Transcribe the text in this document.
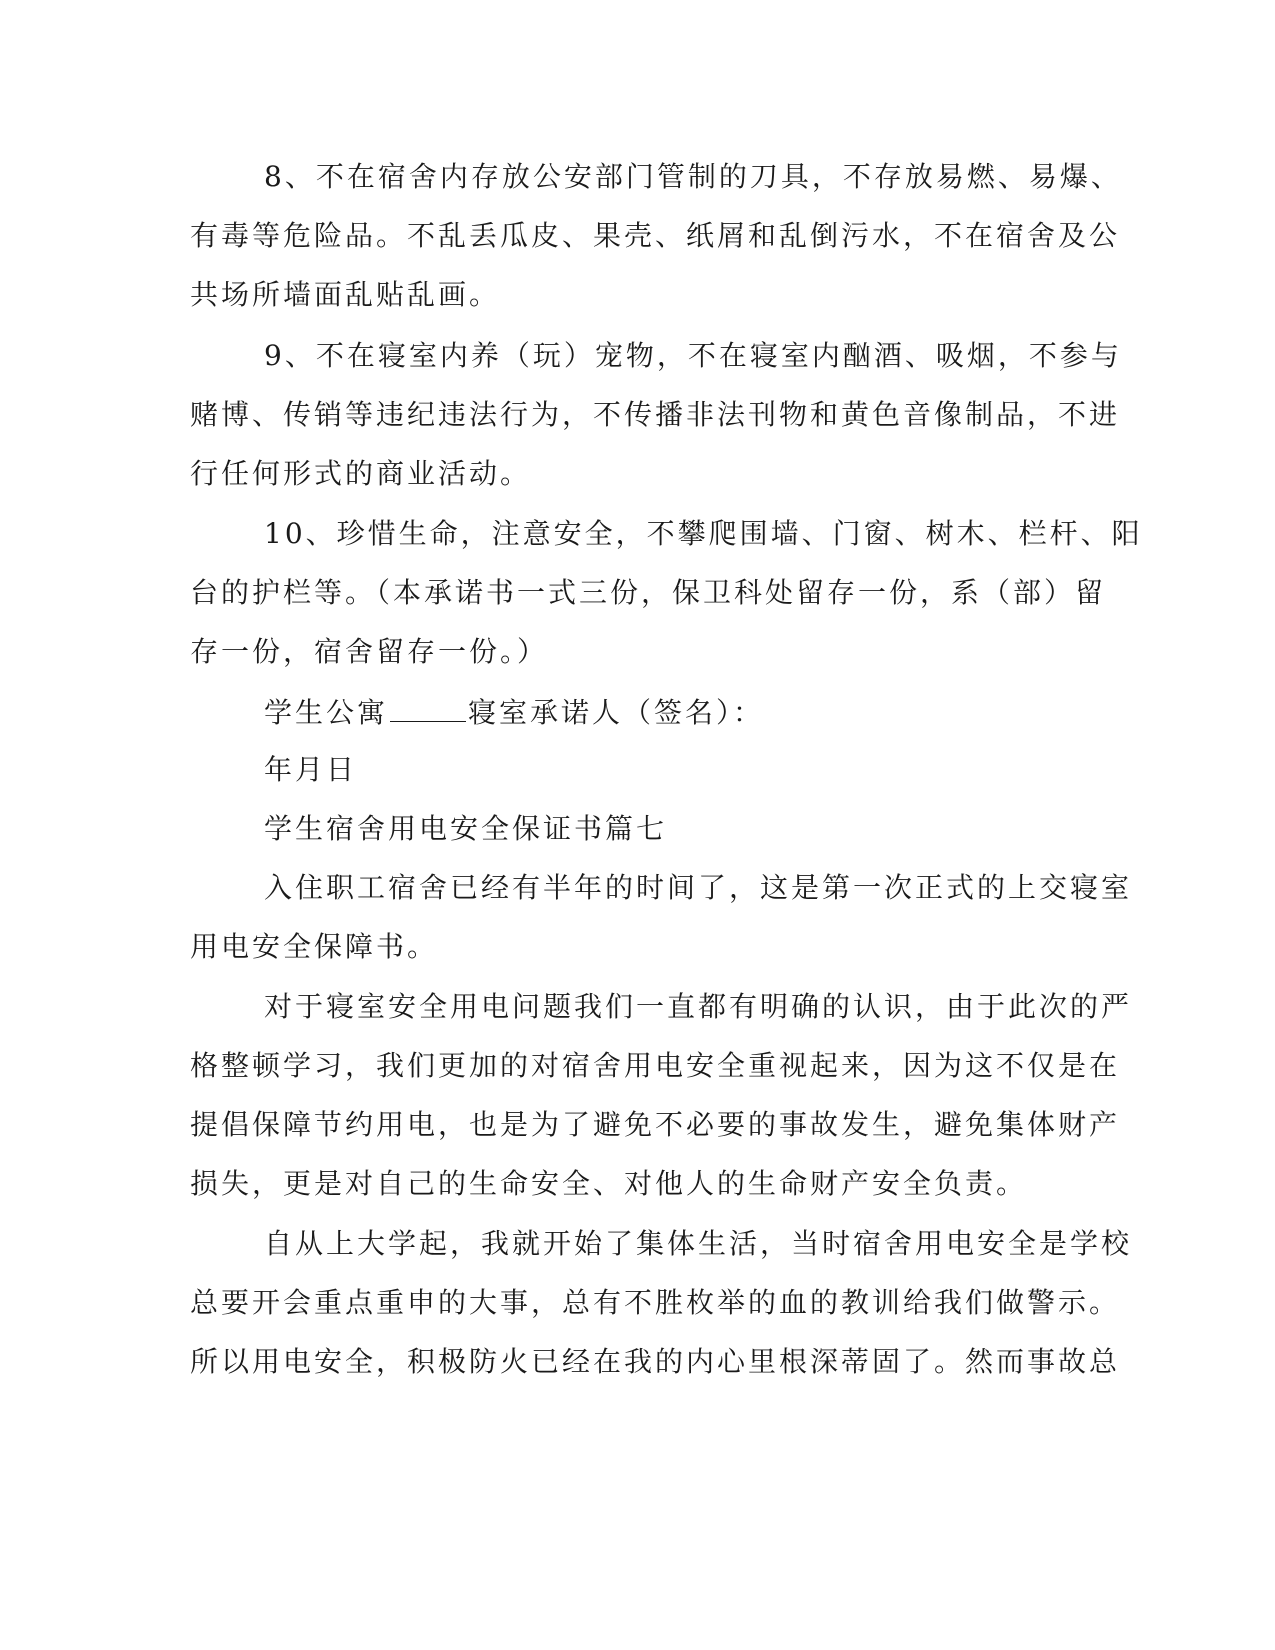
8、不在宿舍内存放公安部门管制的刀具，不存放易燃、易爆、
有毒等危险品。不乱丢瓜皮、果壳、纸屑和乱倒污水，不在宿舍及公
共场所墙面乱贴乱画。
9、不在寝室内养（玩）宠物，不在寝室内酗酒、吸烟，不参与
赌博、传销等违纪违法行为，不传播非法刊物和黄色音像制品，不进
行任何形式的商业活动。
10、珍惜生命，注意安全，不攀爬围墙、门窗、树木、栏杆、阳
台的护栏等。（本承诺书一式三份，保卫科处留存一份，系（部）留
存一份，宿舍留存一份。）
学生公寓	寝室承诺人（签名）：
年月日
学生宿舍用电安全保证书篇七
入住职工宿舍已经有半年的时间了，这是第一次正式的上交寝室
用电安全保障书。
对于寝室安全用电问题我们一直都有明确的认识，由于此次的严
格整顿学习，我们更加的对宿舍用电安全重视起来，因为这不仅是在
提倡保障节约用电，也是为了避免不必要的事故发生，避免集体财产
损失，更是对自己的生命安全、对他人的生命财产安全负责。
自从上大学起，我就开始了集体生活，当时宿舍用电安全是学校
总要开会重点重申的大事，总有不胜枚举的血的教训给我们做警示。
所以用电安全，积极防火已经在我的内心里根深蒂固了。然而事故总
